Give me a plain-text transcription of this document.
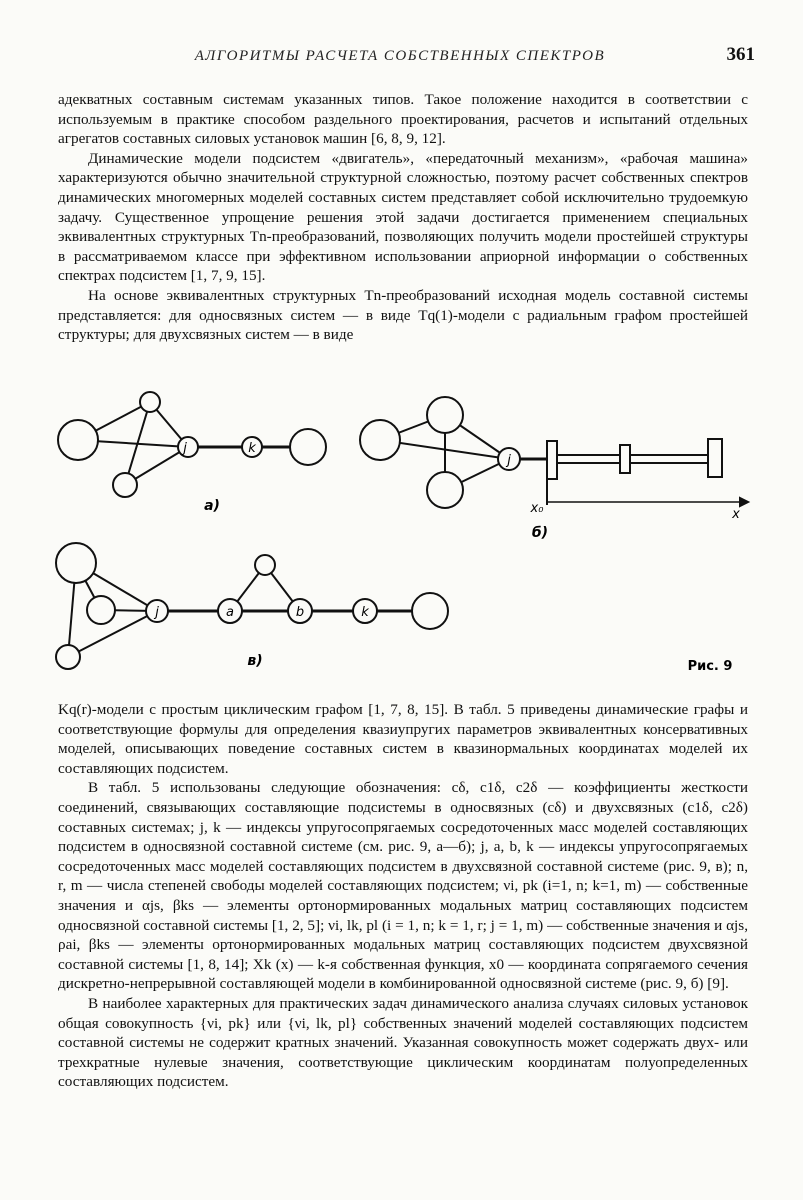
АЛГОРИТМЫ РАСЧЕТА СОБСТВЕННЫХ СПЕКТРОВ	361

адекватных составным системам указанных типов. Такое положение находится в соответствии с используемым в практике способом раздельного проектирования, расчетов и испытаний отдельных агрегатов составных силовых установок машин [6, 8, 9, 12].

Динамические модели подсистем «двигатель», «передаточный механизм», «рабочая машина» характеризуются обычно значительной структурной сложностью, поэтому расчет собственных спектров динамических многомерных моделей составных систем представляет собой исключительно трудоемкую задачу. Существенное упрощение решения этой задачи достигается применением специальных эквивалентных структурных Tn-преобразований, позволяющих получить модели простейшей структуры в рассматриваемом классе при эффективном использовании априорной информации о собственных спектрах подсистем [1, 7, 9, 15].

На основе эквивалентных структурных Tn-преобразований исходная модель составной системы представляется: для односвязных систем — в виде Tq(1)-модели с радиальным графом простейшей структуры; для двухсвязных систем — в виде

j	k
j
j	a	b	k
x₀	x
а)
б)
в)	Рис. 9

Kq(r)-модели с простым циклическим графом [1, 7, 8, 15]. В табл. 5 приведены динамические графы и соответствующие формулы для определения квазиупругих параметров эквивалентных консервативных моделей, описывающих поведение составных систем в квазинормальных координатах моделей их составляющих подсистем.

В табл. 5 использованы следующие обозначения: cδ, c1δ, c2δ — коэффициенты жесткости соединений, связывающих составляющие подсистемы в односвязных (cδ) и двухсвязных (c1δ, c2δ) составных системах; j, k — индексы упругосопрягаемых сосредоточенных масс моделей составляющих подсистем в односвязной составной системе (см. рис. 9, а—б); j, a, b, k — индексы упругосопрягаемых сосредоточенных масс моделей составляющих подсистем в двухсвязной составной системе (рис. 9, в); n, r, m — числа степеней свободы моделей составляющих подсистем; νi, pk (i=1, n; k=1, m) — собственные значения и αjs, βks — элементы ортонормированных модальных матриц составляющих подсистем односвязной составной системы [1, 2, 5]; νi, lk, pl (i = 1, n; k = 1, r; j = 1, m) — собственные значения и αjs, ρai, βks — элементы ортонормированных модальных матриц составляющих подсистем двухсвязной составной системы [1, 8, 14]; Xk (x) — k-я собственная функция, x0 — координата сопрягаемого сечения дискретно-непрерывной составляющей модели в комбинированной односвязной системе (рис. 9, б) [9].

В наиболее характерных для практических задач динамического анализа случаях силовых установок общая совокупность {νi, pk} или {νi, lk, pl} собственных значений моделей составляющих подсистем составной системы не содержит кратных значений. Указанная совокупность может содержать двух- или трехкратные нулевые значения, соответствующие циклическим координатам полуопределенных составляющих подсистем.
